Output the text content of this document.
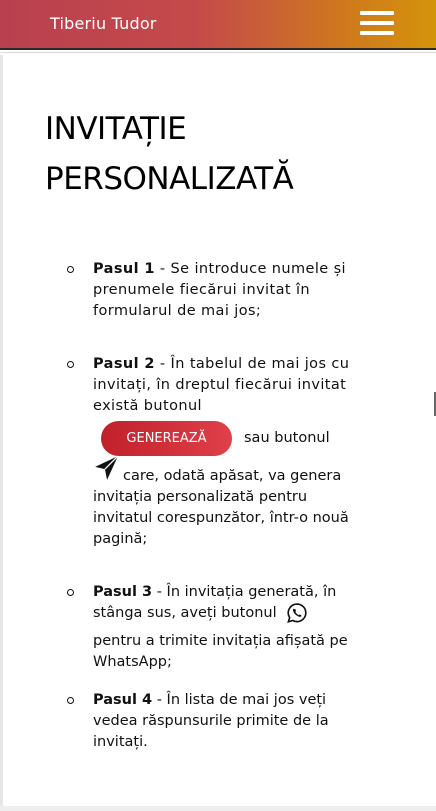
Tiberiu Tudor
INVITAȚIE
PERSONALIZATĂ
Pasul 1 - Se introduce numele și prenumele fiecărui invitat în formularul de mai jos;
Pasul 2 - În tabelul de mai jos cu invitați, în dreptul fiecărui invitat există butonul
GENEREAZĂ	sau butonul
care, odată apăsat, va genera invitația personalizată pentru invitatul corespunzător, într-o nouă pagină;
Pasul 3 - În invitația generată, în stânga sus, aveți butonul
pentru a trimite invitația afișată pe WhatsApp;
Pasul 4 - În lista de mai jos veți vedea răspunsurile primite de la invitați.
